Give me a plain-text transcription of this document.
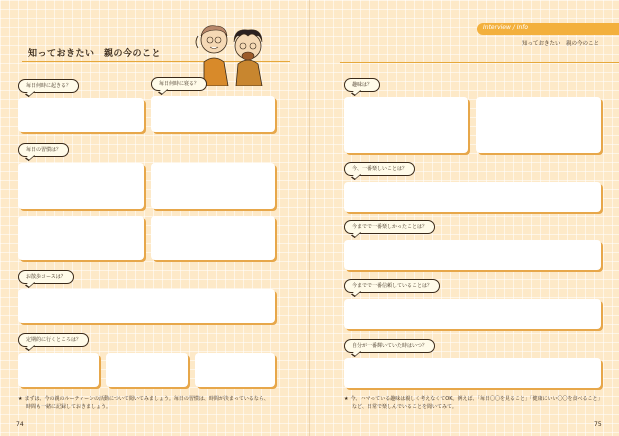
知っておきたい　親の今のこと
毎日何時に起きる？	毎日何時に寝る？
毎日の習慣は？
お散歩コースは？
定期的に行くところは？
★ まずは、今の親のルーティーンの活動について聞いてみましょう。毎日の習慣は、時間が決まっているなら、
時間も一緒に記録しておきましょう。
74
Interview / Info
知っておきたい　親の今のこと
趣味は？
今、一番楽しいことは？
今までで一番楽しかったことは？
今までで一番信頼していることは？
自分が一番輝いていた時はいつ？
★ 今、ハマっている趣味は親しく考えなくてOK。例えば、「毎日〇〇を見ること」「健康にいい〇〇を食べること」
など、日常で楽しんでいることを聞いてみて。
75
